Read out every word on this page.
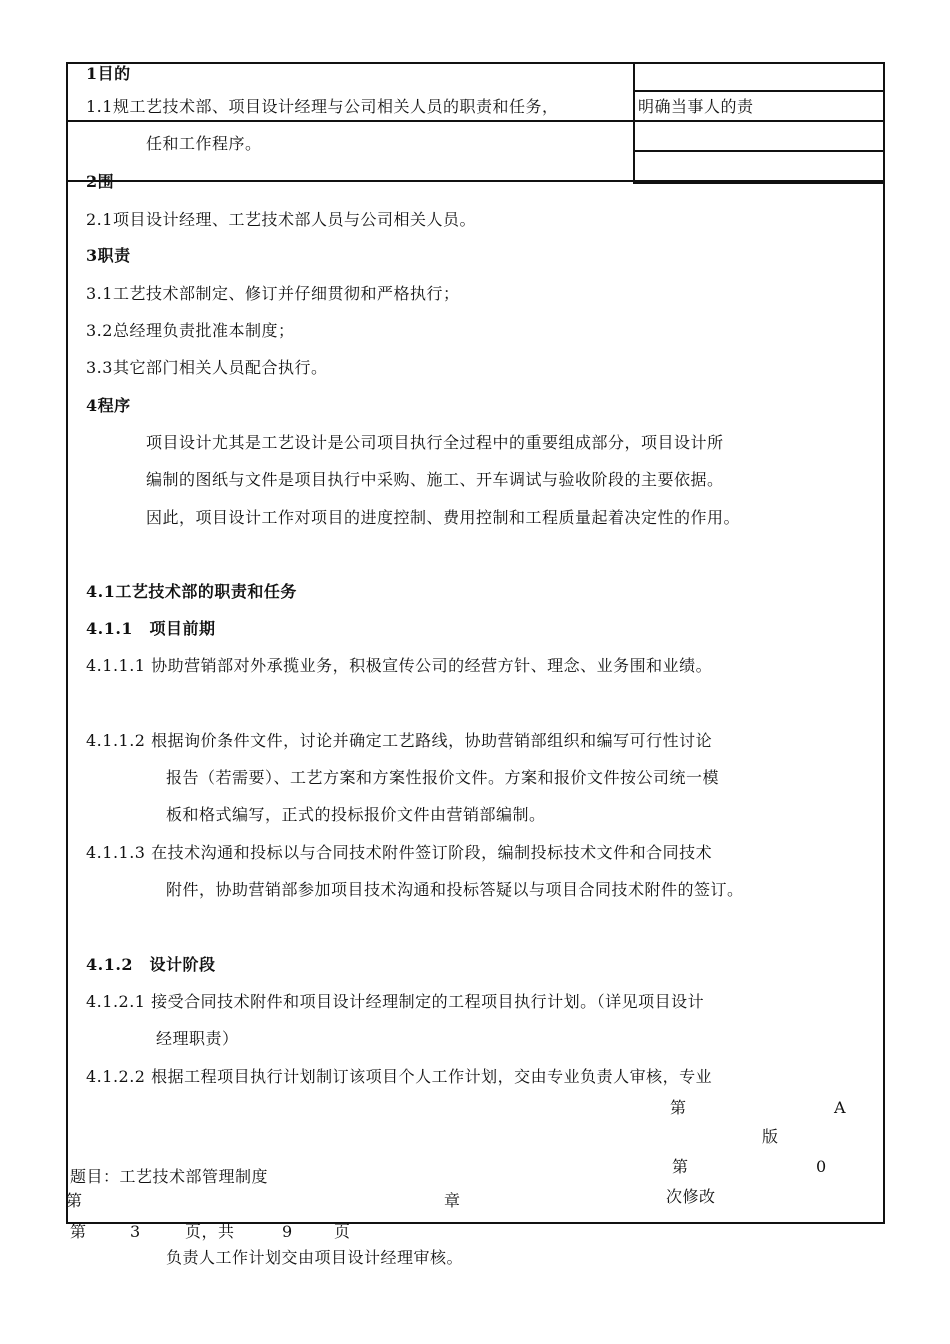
1目的
1.1规工艺技术部、项目设计经理与公司相关人员的职责和任务，	明确当事人的责
任和工作程序。
2围
2.1项目设计经理、工艺技术部人员与公司相关人员。
3职责
3.1工艺技术部制定、修订并仔细贯彻和严格执行；
3.2总经理负责批准本制度；
3.3其它部门相关人员配合执行。
4程序
项目设计尤其是工艺设计是公司项目执行全过程中的重要组成部分，项目设计所
编制的图纸与文件是项目执行中采购、施工、开车调试与验收阶段的主要依据。
因此，项目设计工作对项目的进度控制、费用控制和工程质量起着决定性的作用。
4.1工艺技术部的职责和任务
4.1.1　项目前期
4.1.1.1 协助营销部对外承揽业务，积极宣传公司的经营方针、理念、业务围和业绩。
4.1.1.2 根据询价条件文件，讨论并确定工艺路线，协助营销部组织和编写可行性讨论
报告（若需要）、工艺方案和方案性报价文件。方案和报价文件按公司统一模
板和格式编写，正式的投标报价文件由营销部编制。
4.1.1.3 在技术沟通和投标以与合同技术附件签订阶段，编制投标技术文件和合同技术
附件，协助营销部参加项目技术沟通和投标答疑以与项目合同技术附件的签订。
4.1.2　设计阶段
4.1.2.1 接受合同技术附件和项目设计经理制定的工程项目执行计划。（详见项目设计
经理职责）
4.1.2.2 根据工程项目执行计划制订该项目个人工作计划，交由专业负责人审核，专业
第	A
版
第	0
题目：工艺技术部管理制度
次修改
第	章
第	3	页，共	9	页
负责人工作计划交由项目设计经理审核。
